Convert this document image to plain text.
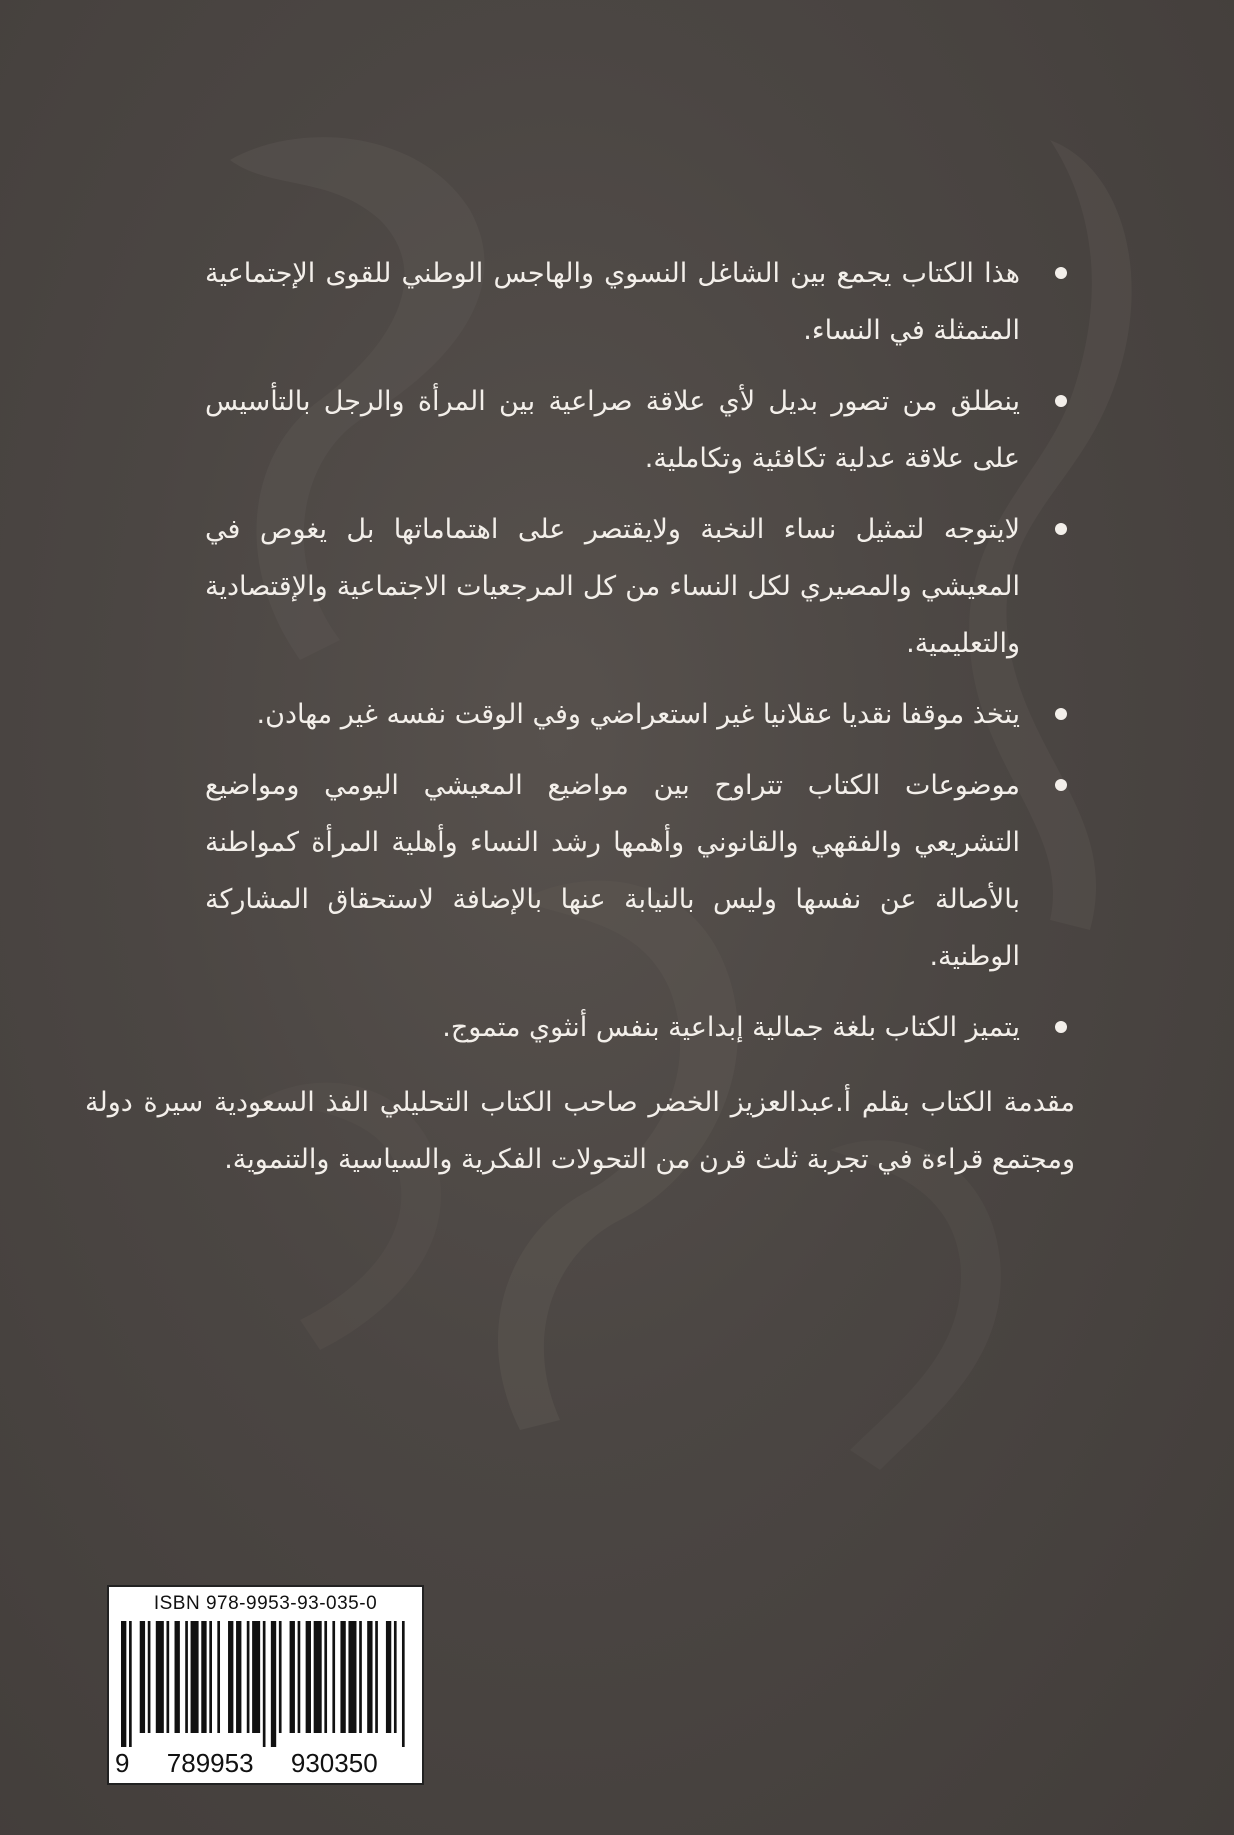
هذا الكتاب يجمع بين الشاغل النسوي والهاجس الوطني للقوى الإجتماعية المتمثلة في النساء.
ينطلق من تصور بديل لأي علاقة صراعية بين المرأة والرجل بالتأسيس على علاقة عدلية تكافئية وتكاملية.
لايتوجه لتمثيل نساء النخبة ولايقتصر على اهتماماتها بل يغوص في المعيشي والمصيري لكل النساء من كل المرجعيات الاجتماعية والإقتصادية والتعليمية.
يتخذ موقفا نقديا عقلانيا غير استعراضي وفي الوقت نفسه غير مهادن.
موضوعات الكتاب تتراوح بين مواضيع المعيشي اليومي ومواضيع التشريعي والفقهي والقانوني وأهمها رشد النساء وأهلية المرأة كمواطنة بالأصالة عن نفسها وليس بالنيابة عنها بالإضافة لاستحقاق المشاركة الوطنية.
يتميز الكتاب بلغة جمالية إبداعية بنفس أنثوي متموج.

مقدمة الكتاب بقلم أ.عبدالعزيز الخضر صاحب الكتاب التحليلي الفذ السعودية سيرة دولة ومجتمع قراءة في تجربة ثلث قرن من التحولات الفكرية والسياسية والتنموية.

ISBN 978-9953-93-035-0
9 789953 930350
